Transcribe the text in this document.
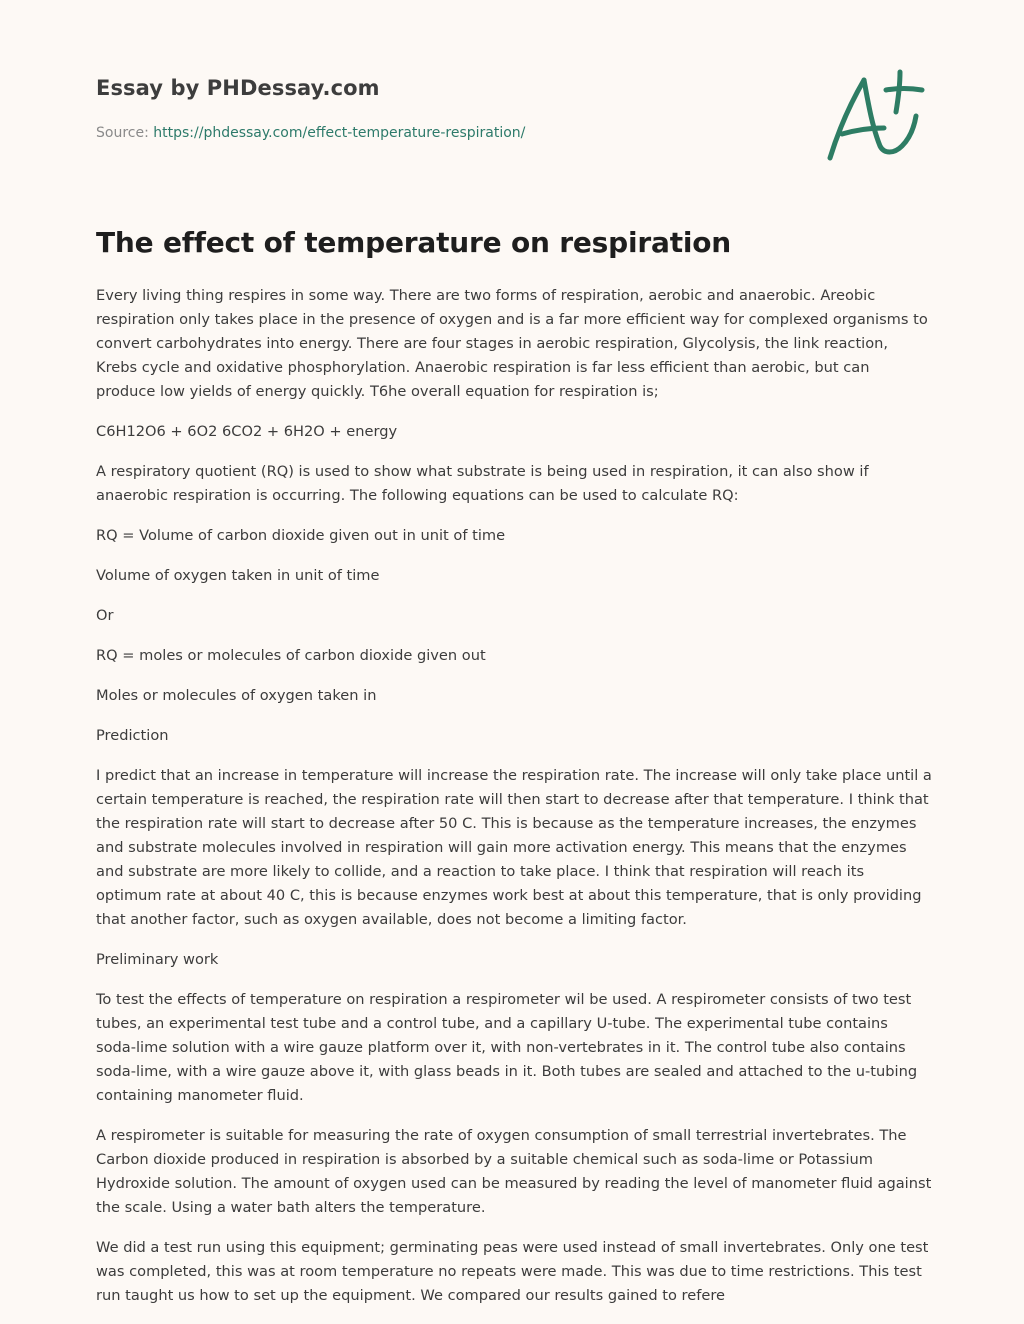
Essay by PHDessay.com
Source: https://phdessay.com/effect-temperature-respiration/
The effect of temperature on respiration

Every living thing respires in some way. There are two forms of respiration, aerobic and anaerobic. Areobic respiration only takes place in the presence of oxygen and is a far more efficient way for complexed organisms to convert carbohydrates into energy. There are four stages in aerobic respiration, Glycolysis, the link reaction, Krebs cycle and oxidative phosphorylation. Anaerobic respiration is far less efficient than aerobic, but can produce low yields of energy quickly. T6he overall equation for respiration is;

C6H12O6 + 6O2 6CO2 + 6H2O + energy

A respiratory quotient (RQ) is used to show what substrate is being used in respiration, it can also show if anaerobic respiration is occurring. The following equations can be used to calculate RQ:

RQ = Volume of carbon dioxide given out in unit of time

Volume of oxygen taken in unit of time

Or

RQ = moles or molecules of carbon dioxide given out

Moles or molecules of oxygen taken in

Prediction

I predict that an increase in temperature will increase the respiration rate. The increase will only take place until a certain temperature is reached, the respiration rate will then start to decrease after that temperature. I think that the respiration rate will start to decrease after 50 C. This is because as the temperature increases, the enzymes and substrate molecules involved in respiration will gain more activation energy. This means that the enzymes and substrate are more likely to collide, and a reaction to take place. I think that respiration will reach its optimum rate at about 40 C, this is because enzymes work best at about this temperature, that is only providing that another factor, such as oxygen available, does not become a limiting factor.

Preliminary work

To test the effects of temperature on respiration a respirometer wil be used. A respirometer consists of two test tubes, an experimental test tube and a control tube, and a capillary U-tube. The experimental tube contains soda-lime solution with a wire gauze platform over it, with non-vertebrates in it. The control tube also contains soda-lime, with a wire gauze above it, with glass beads in it. Both tubes are sealed and attached to the u-tubing containing manometer fluid.

A respirometer is suitable for measuring the rate of oxygen consumption of small terrestrial invertebrates. The Carbon dioxide produced in respiration is absorbed by a suitable chemical such as soda-lime or Potassium Hydroxide solution. The amount of oxygen used can be measured by reading the level of manometer fluid against the scale. Using a water bath alters the temperature.

We did a test run using this equipment; germinating peas were used instead of small invertebrates. Only one test was completed, this was at room temperature no repeats were made. This was due to time restrictions. This test run taught us how to set up the equipment. We compared our results gained to refere
